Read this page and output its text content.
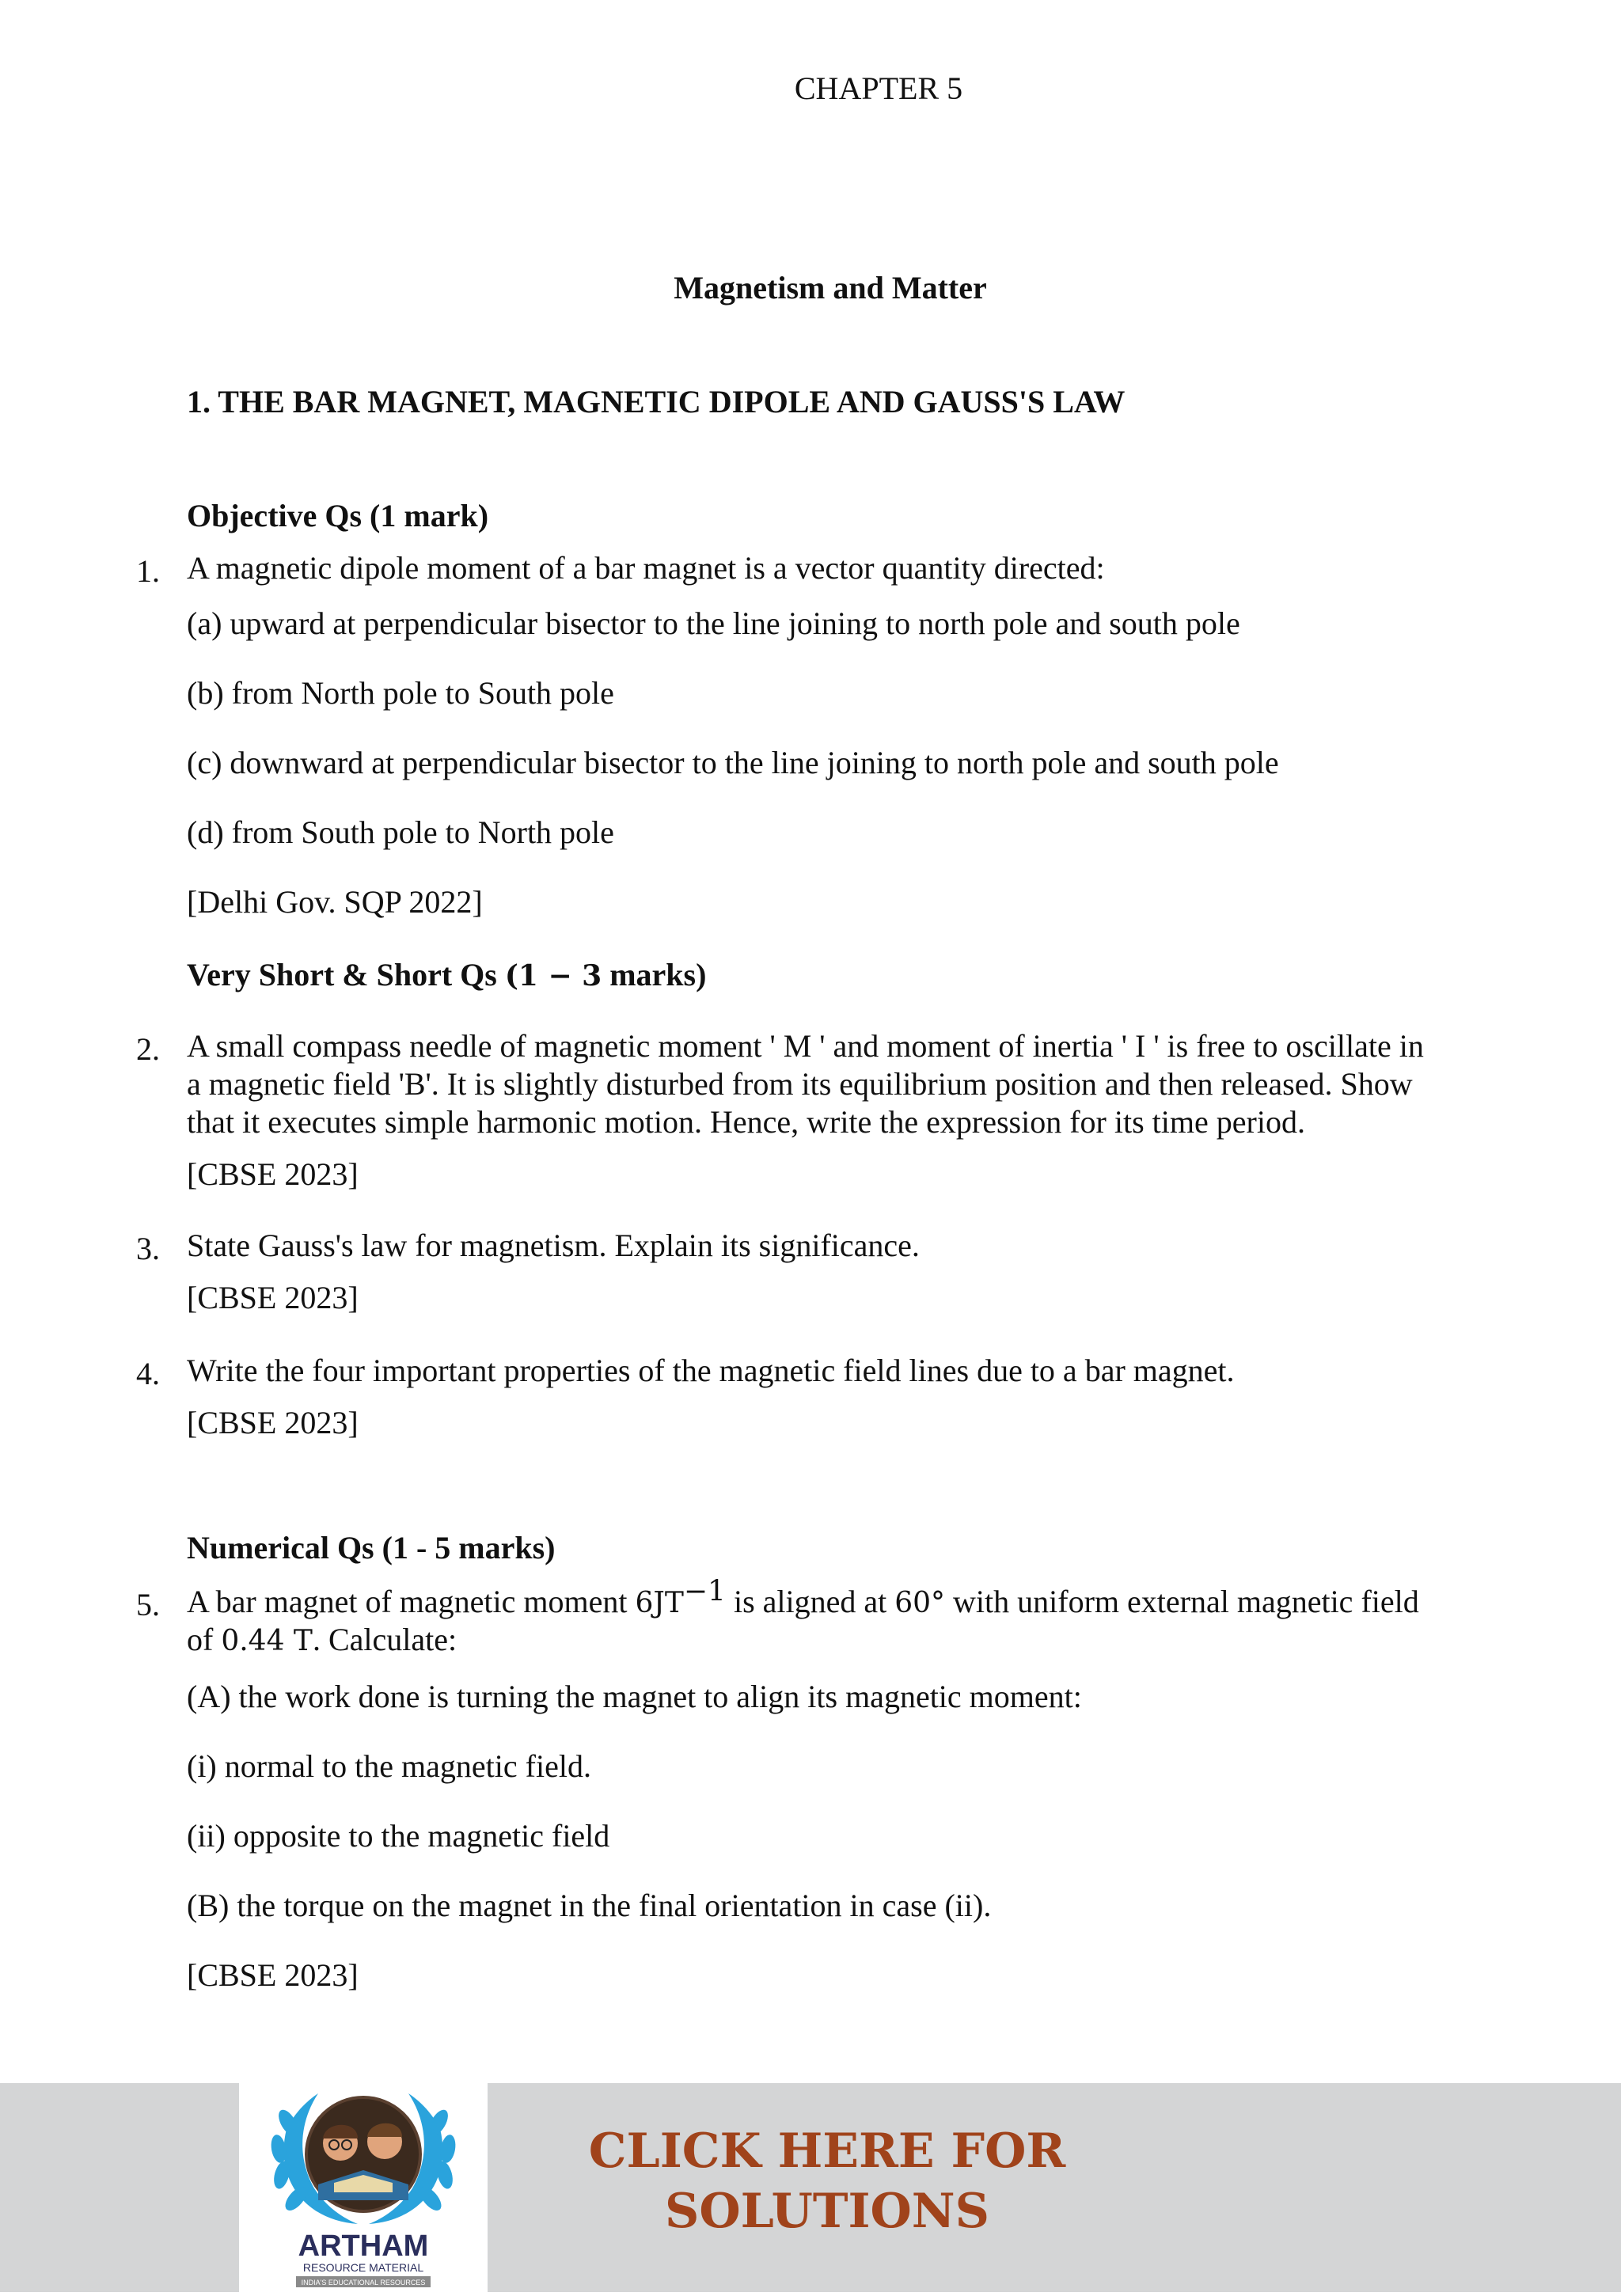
CHAPTER 5
Magnetism and Matter
1. THE BAR MAGNET, MAGNETIC DIPOLE AND GAUSS'S LAW
Objective Qs (1 mark)
1. A magnetic dipole moment of a bar magnet is a vector quantity directed:
(a) upward at perpendicular bisector to the line joining to north pole and south pole
(b) from North pole to South pole
(c) downward at perpendicular bisector to the line joining to north pole and south pole
(d) from South pole to North pole
[Delhi Gov. SQP 2022]
Very Short & Short Qs (1 − 3 marks)
2. A small compass needle of magnetic moment ' M ' and moment of inertia ' I ' is free to oscillate in
a magnetic field 'B'. It is slightly disturbed from its equilibrium position and then released. Show
that it executes simple harmonic motion. Hence, write the expression for its time period.
[CBSE 2023]
3. State Gauss's law for magnetism. Explain its significance.
[CBSE 2023]
4. Write the four important properties of the magnetic field lines due to a bar magnet.
[CBSE 2023]
Numerical Qs (1 - 5 marks)
5. A bar magnet of magnetic moment $6JT^{-1}$ is aligned at 60° with uniform external magnetic field
of 0.44 T. Calculate:
(A) the work done is turning the magnet to align its magnetic moment:
(i) normal to the magnetic field.
(ii) opposite to the magnetic field
(B) the torque on the magnet in the final orientation in case (ii).
[CBSE 2023]
ARTHAM
RESOURCE MATERIAL
INDIA'S EDUCATIONAL RESOURCES
CLICK HERE FOR
SOLUTIONS
